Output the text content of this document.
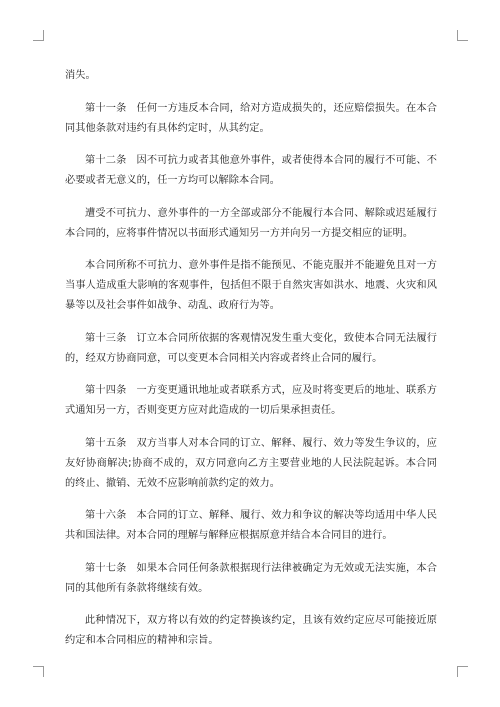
消失。

第十一条 任何一方违反本合同，给对方造成损失的，还应赔偿损失。在本合同其他条款对违约有具体约定时，从其约定。

第十二条 因不可抗力或者其他意外事件，或者使得本合同的履行不可能、不必要或者无意义的，任一方均可以解除本合同。

遭受不可抗力、意外事件的一方全部或部分不能履行本合同、解除或迟延履行本合同的，应将事件情况以书面形式通知另一方并向另一方提交相应的证明。

本合同所称不可抗力、意外事件是指不能预见、不能克服并不能避免且对一方当事人造成重大影响的客观事件，包括但不限于自然灾害如洪水、地震、火灾和风暴等以及社会事件如战争、动乱、政府行为等。

第十三条 订立本合同所依据的客观情况发生重大变化，致使本合同无法履行的，经双方协商同意，可以变更本合同相关内容或者终止合同的履行。

第十四条 一方变更通讯地址或者联系方式，应及时将变更后的地址、联系方式通知另一方，否则变更方应对此造成的一切后果承担责任。

第十五条 双方当事人对本合同的订立、解释、履行、效力等发生争议的，应友好协商解决;协商不成的，双方同意向乙方主要营业地的人民法院起诉。本合同的终止、撤销、无效不应影响前款约定的效力。

第十六条 本合同的订立、解释、履行、效力和争议的解决等均适用中华人民共和国法律。对本合同的理解与解释应根据原意并结合本合同目的进行。

第十七条 如果本合同任何条款根据现行法律被确定为无效或无法实施，本合同的其他所有条款将继续有效。

此种情况下，双方将以有效的约定替换该约定，且该有效约定应尽可能接近原约定和本合同相应的精神和宗旨。
